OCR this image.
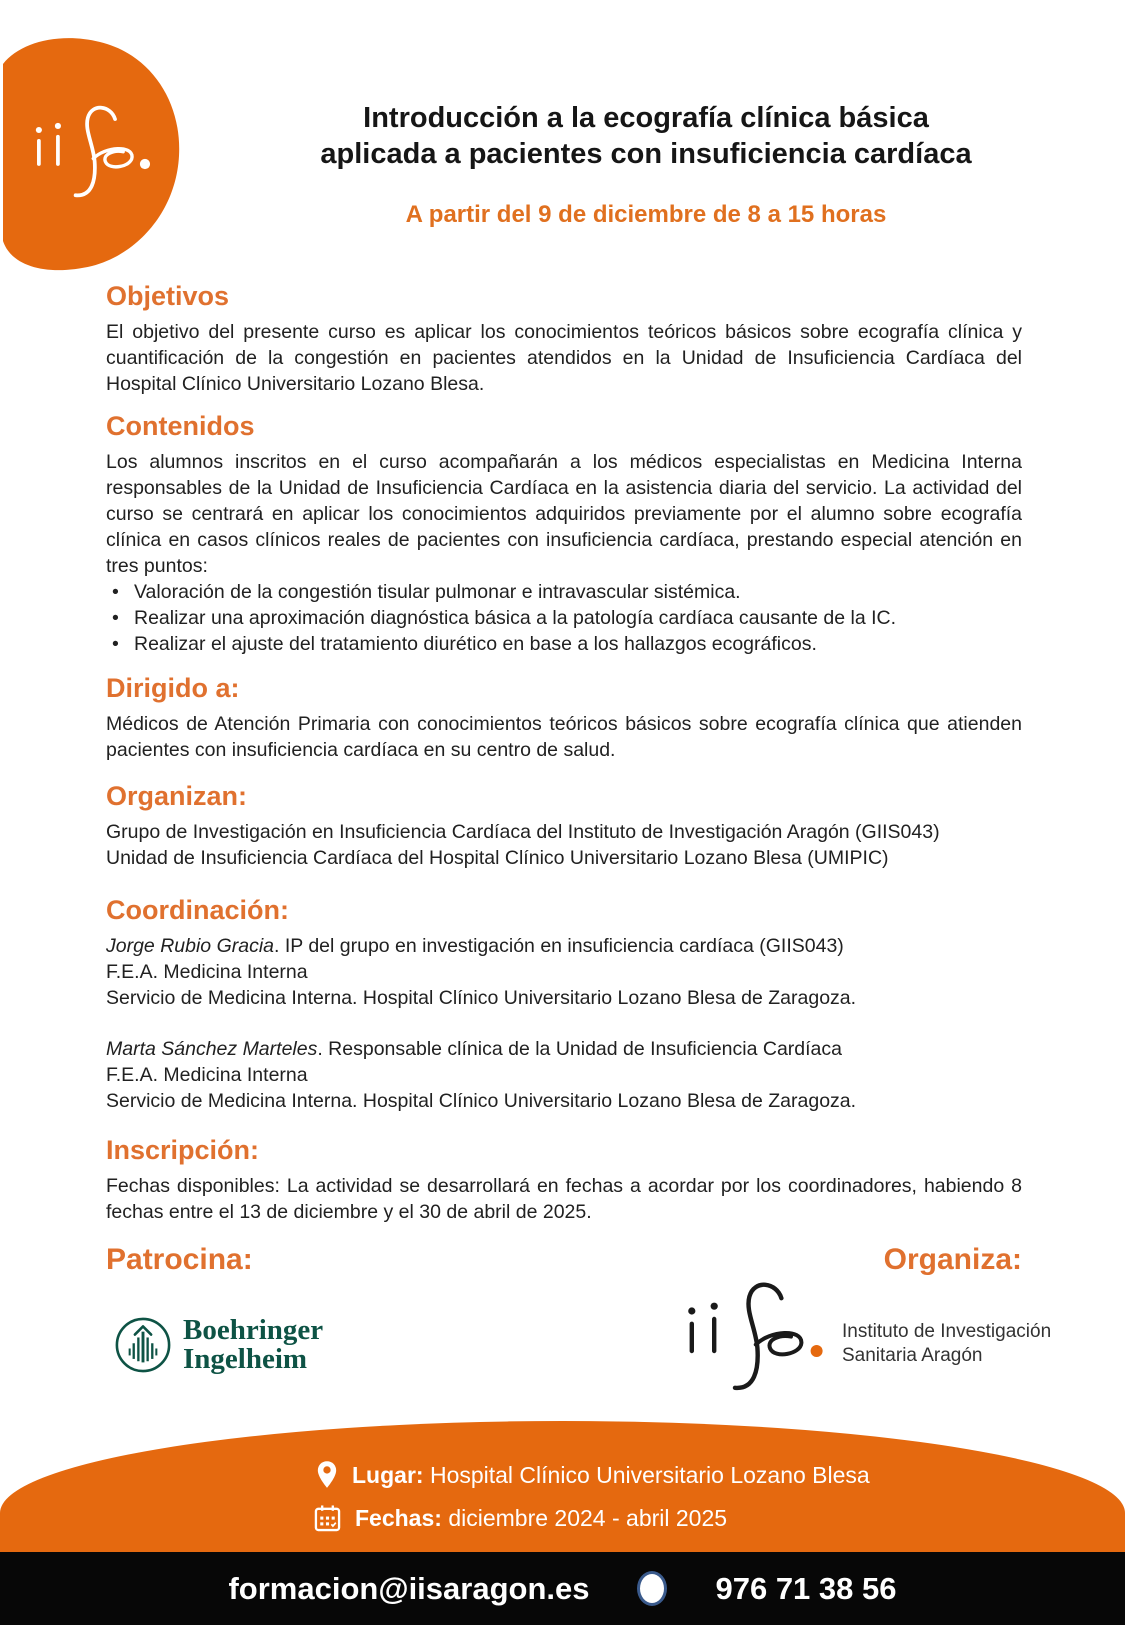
Introducción a la ecografía clínica básica
aplicada a pacientes con insuficiencia cardíaca
A partir del 9 de diciembre de 8 a 15 horas
Objetivos

El objetivo del presente curso es aplicar los conocimientos teóricos básicos sobre ecografía clínica y cuantificación de la congestión en pacientes atendidos en la Unidad de Insuficiencia Cardíaca del Hospital Clínico Universitario Lozano Blesa.

Contenidos

Los alumnos inscritos en el curso acompañarán a los médicos especialistas en Medicina Interna responsables de la Unidad de Insuficiencia Cardíaca en la asistencia diaria del servicio. La actividad del curso se centrará en aplicar los conocimientos adquiridos previamente por el alumno sobre ecografía clínica en casos clínicos reales de pacientes con insuficiencia cardíaca, prestando especial atención en tres puntos:

• Valoración de la congestión tisular pulmonar e intravascular sistémica.
• Realizar una aproximación diagnóstica básica a la patología cardíaca causante de la IC.
• Realizar el ajuste del tratamiento diurético en base a los hallazgos ecográficos.
Dirigido a:

Médicos de Atención Primaria con conocimientos teóricos básicos sobre ecografía clínica que atienden pacientes con insuficiencia cardíaca en su centro de salud.

Organizan:
Grupo de Investigación en Insuficiencia Cardíaca del Instituto de Investigación Aragón (GIIS043)
Unidad de Insuficiencia Cardíaca del Hospital Clínico Universitario Lozano Blesa (UMIPIC)
Coordinación:
Jorge Rubio Gracia. IP del grupo en investigación en insuficiencia cardíaca (GIIS043)
F.E.A. Medicina Interna
Servicio de Medicina Interna. Hospital Clínico Universitario Lozano Blesa de Zaragoza.
Marta Sánchez Marteles. Responsable clínica de la Unidad de Insuficiencia Cardíaca
F.E.A. Medicina Interna
Servicio de Medicina Interna. Hospital Clínico Universitario Lozano Blesa de Zaragoza.
Inscripción:

Fechas disponibles: La actividad se desarrollará en fechas a acordar por los coordinadores, habiendo 8 fechas entre el 13 de diciembre y el 30 de abril de 2025.

Patrocina:	Organiza:
Boehringer
Ingelheim
Instituto de Investigación
Sanitaria Aragón
Lugar: Hospital Clínico Universitario Lozano Blesa
Fechas: diciembre 2024 - abril 2025
formacion@iisaragon.es	976 71 38 56
